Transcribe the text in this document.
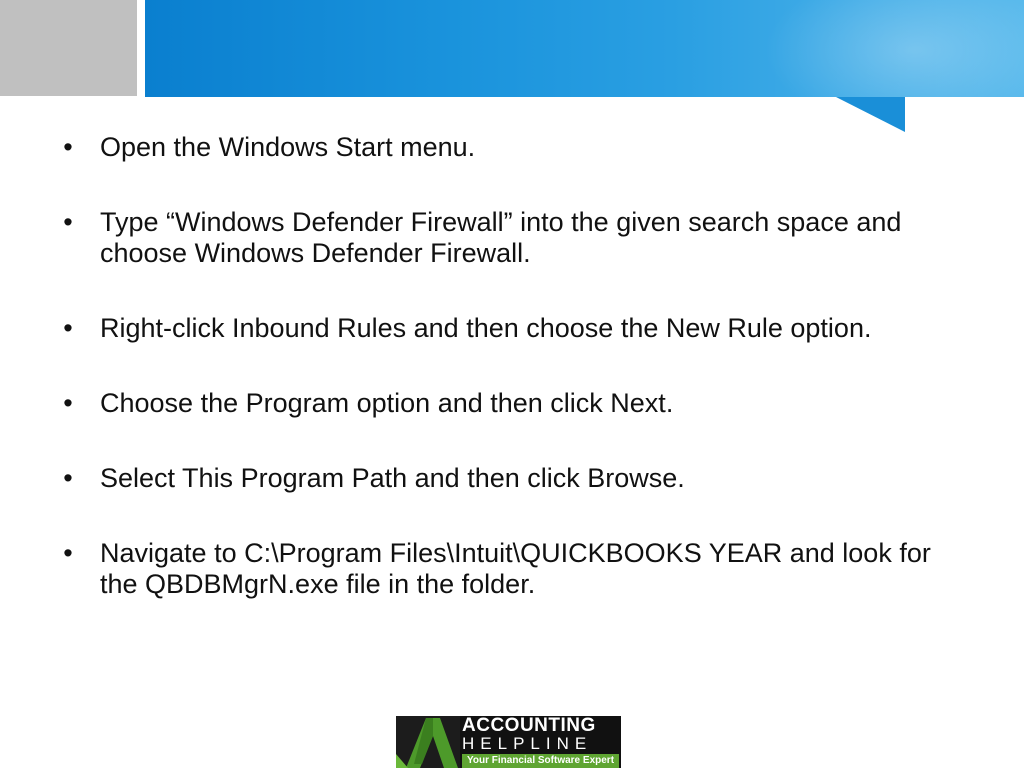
• Open the Windows Start menu.
• Type “Windows Defender Firewall” into the given search space and choose Windows Defender Firewall.
• Right-click Inbound Rules and then choose the New Rule option.
• Choose the Program option and then click Next.
• Select This Program Path and then click Browse.
• Navigate to C:\Program Files\Intuit\QUICKBOOKS YEAR and look for the QBDBMgrN.exe file in the folder.
ACCOUNTING
HELPLINE
Your Financial Software Expert
